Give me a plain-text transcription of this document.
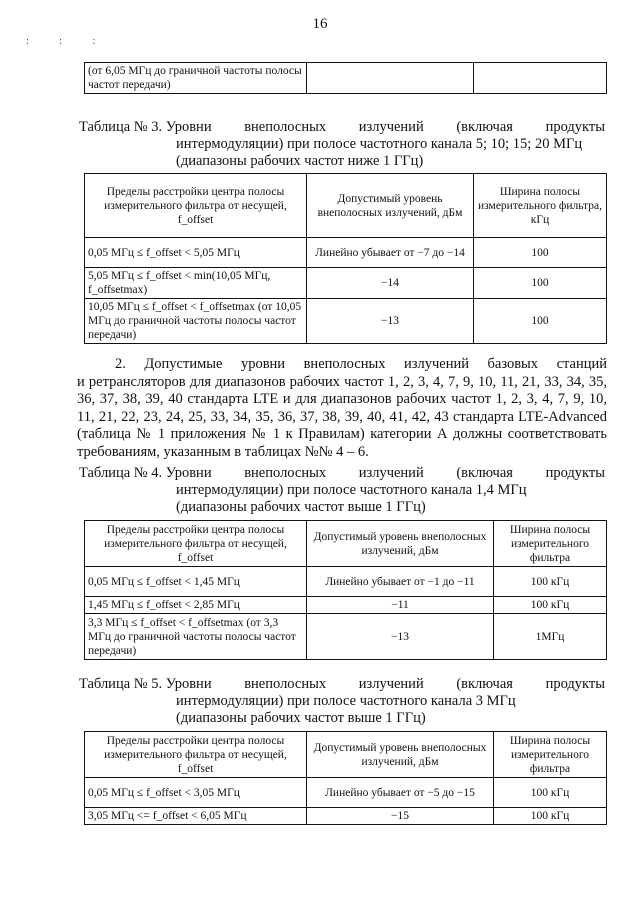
16
: : :
(от 6,05 МГц до граничной частоты полосы частот передачи)		
Таблица № 3. Уровни внеполосных излучений (включая продукты
интермодуляции) при полосе частотного канала 5; 10; 15; 20 МГц
(диапазоны рабочих частот ниже 1 ГГц)
Пределы расстройки центра полосы измерительного фильтра от несущей, f_offset	Допустимый уровень внеполосных излучений, дБм	Ширина полосы измерительного фильтра, кГц
0,05 МГц ≤ f_offset < 5,05 МГц	Линейно убывает от −7 до −14	100
5,05 МГц ≤ f_offset < min(10,05 МГц, f_offsetmax)	−14	100
10,05 МГц ≤ f_offset < f_offsetmax (от 10,05 МГц до граничной частоты полосы частот передачи)	−13	100
2. Допустимые уровни внеполосных излучений базовых станций
и ретрансляторов для диапазонов рабочих частот 1, 2, 3, 4, 7, 9, 10, 11, 21, 33, 34, 35, 36, 37, 38, 39, 40 стандарта LTE и для диапазонов рабочих частот 1, 2, 3, 4, 7, 9, 10, 11, 21, 22, 23, 24, 25, 33, 34, 35, 36, 37, 38, 39, 40, 41, 42, 43 стандарта LTE-Advanced (таблица № 1 приложения № 1 к Правилам) категории А должны соответствовать требованиям, указанным в таблицах №№ 4 – 6.
Таблица № 4. Уровни внеполосных излучений (включая продукты
интермодуляции) при полосе частотного канала 1,4 МГц
(диапазоны рабочих частот выше 1 ГГц)
Пределы расстройки центра полосы измерительного фильтра от несущей, f_offset	Допустимый уровень внеполосных излучений, дБм	Ширина полосы измерительного фильтра
0,05 МГц ≤ f_offset < 1,45 МГц	Линейно убывает от −1 до −11	100 кГц
1,45 МГц ≤ f_offset < 2,85 МГц	−11	100 кГц
3,3 МГц ≤ f_offset < f_offsetmax (от 3,3 МГц до граничной частоты полосы частот передачи)	−13	1МГц
Таблица № 5. Уровни внеполосных излучений (включая продукты
интермодуляции) при полосе частотного канала 3 МГц
(диапазоны рабочих частот выше 1 ГГц)
Пределы расстройки центра полосы измерительного фильтра от несущей, f_offset	Допустимый уровень внеполосных излучений, дБм	Ширина полосы измерительного фильтра
0,05 МГц ≤ f_offset < 3,05 МГц	Линейно убывает от −5 до −15	100 кГц
3,05 МГц <= f_offset < 6,05 МГц	−15	100 кГц
